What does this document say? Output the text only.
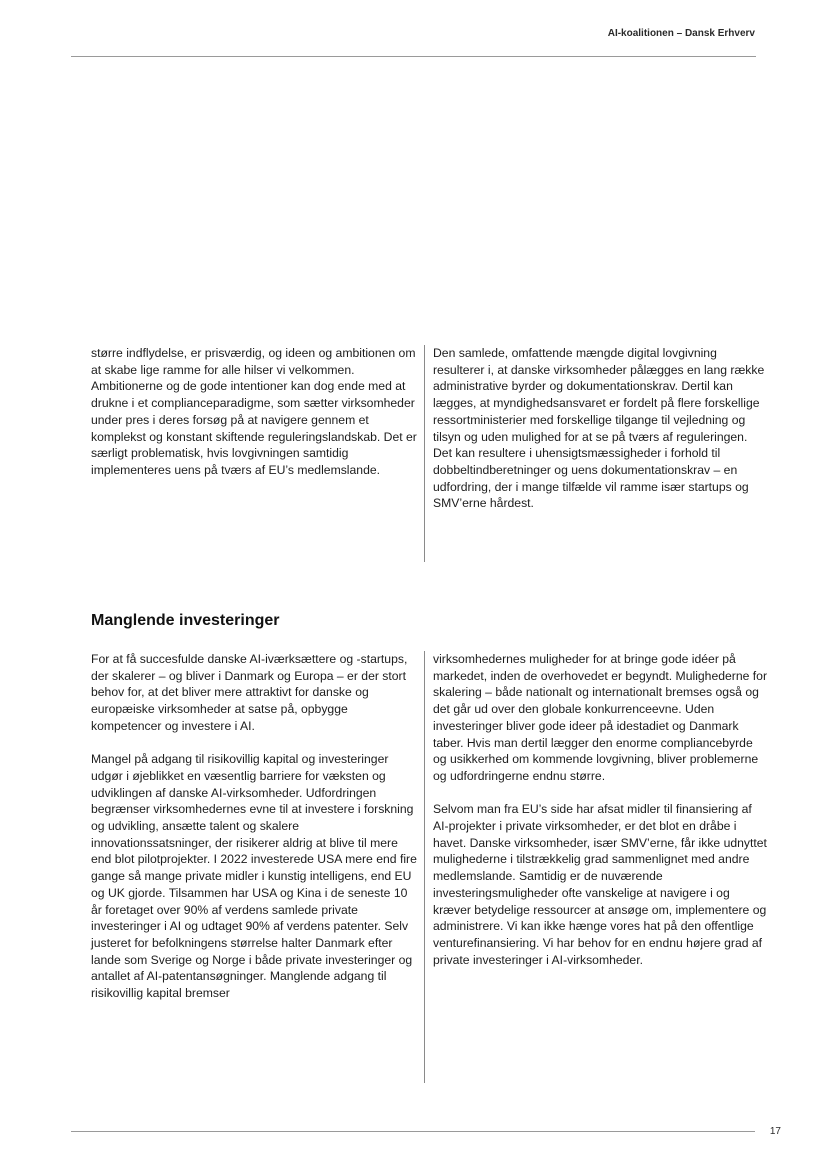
AI-koalitionen – Dansk Erhverv

større indflydelse, er prisværdig, og ideen og ambitionen om at skabe lige ramme for alle hilser vi velkommen. Ambitionerne og de gode intentioner kan dog ende med at drukne i et complianceparadigme, som sætter virksomheder under pres i deres forsøg på at navigere gennem et komplekst og konstant skiftende reguleringslandskab. Det er særligt problematisk, hvis lovgivningen samtidig implementeres uens på tværs af EU’s medlemslande.

Den samlede, omfattende mængde digital lovgivning resulterer i, at danske virksomheder pålægges en lang række administrative byrder og dokumentationskrav. Dertil kan lægges, at myndighedsansvaret er fordelt på flere forskellige ressortministerier med forskellige tilgange til vejledning og tilsyn og uden mulighed for at se på tværs af reguleringen. Det kan resultere i uhensigtsmæssigheder i forhold til dobbeltindberetninger og uens dokumentationskrav – en udfordring, der i mange tilfælde vil ramme især startups og SMV’erne hårdest.

Manglende investeringer

For at få succesfulde danske AI-iværksættere og -startups, der skalerer – og bliver i Danmark og Europa – er der stort behov for, at det bliver mere attraktivt for danske og europæiske virksomheder at satse på, opbygge kompetencer og investere i AI.

Mangel på adgang til risikovillig kapital og investeringer udgør i øjeblikket en væsentlig barriere for væksten og udviklingen af danske AI-virksomheder. Udfordringen begrænser virksomhedernes evne til at investere i forskning og udvikling, ansætte talent og skalere innovationssatsninger, der risikerer aldrig at blive til mere end blot pilotprojekter. I 2022 investerede USA mere end fire gange så mange private midler i kunstig intelligens, end EU og UK gjorde. Tilsammen har USA og Kina i de seneste 10 år foretaget over 90% af verdens samlede private investeringer i AI og udtaget 90% af verdens patenter. Selv justeret for befolkningens størrelse halter Danmark efter lande som Sverige og Norge i både private investeringer og antallet af AI-patentansøgninger. Manglende adgang til risikovillig kapital bremser

virksomhedernes muligheder for at bringe gode idéer på markedet, inden de overhovedet er begyndt. Mulighederne for skalering – både nationalt og internationalt bremses også og det går ud over den globale konkurrenceevne. Uden investeringer bliver gode ideer på idestadiet og Danmark taber. Hvis man dertil lægger den enorme compliancebyrde og usikkerhed om kommende lovgivning, bliver problemerne og udfordringerne endnu større.

Selvom man fra EU’s side har afsat midler til finansiering af AI-projekter i private virksomheder, er det blot en dråbe i havet. Danske virksomheder, især SMV’erne, får ikke udnyttet mulighederne i tilstrækkelig grad sammenlignet med andre medlemslande. Samtidig er de nuværende investeringsmuligheder ofte vanskelige at navigere i og kræver betydelige ressourcer at ansøge om, implementere og administrere. Vi kan ikke hænge vores hat på den offentlige venturefinansiering. Vi har behov for en endnu højere grad af private investeringer i AI-virksomheder.

17
